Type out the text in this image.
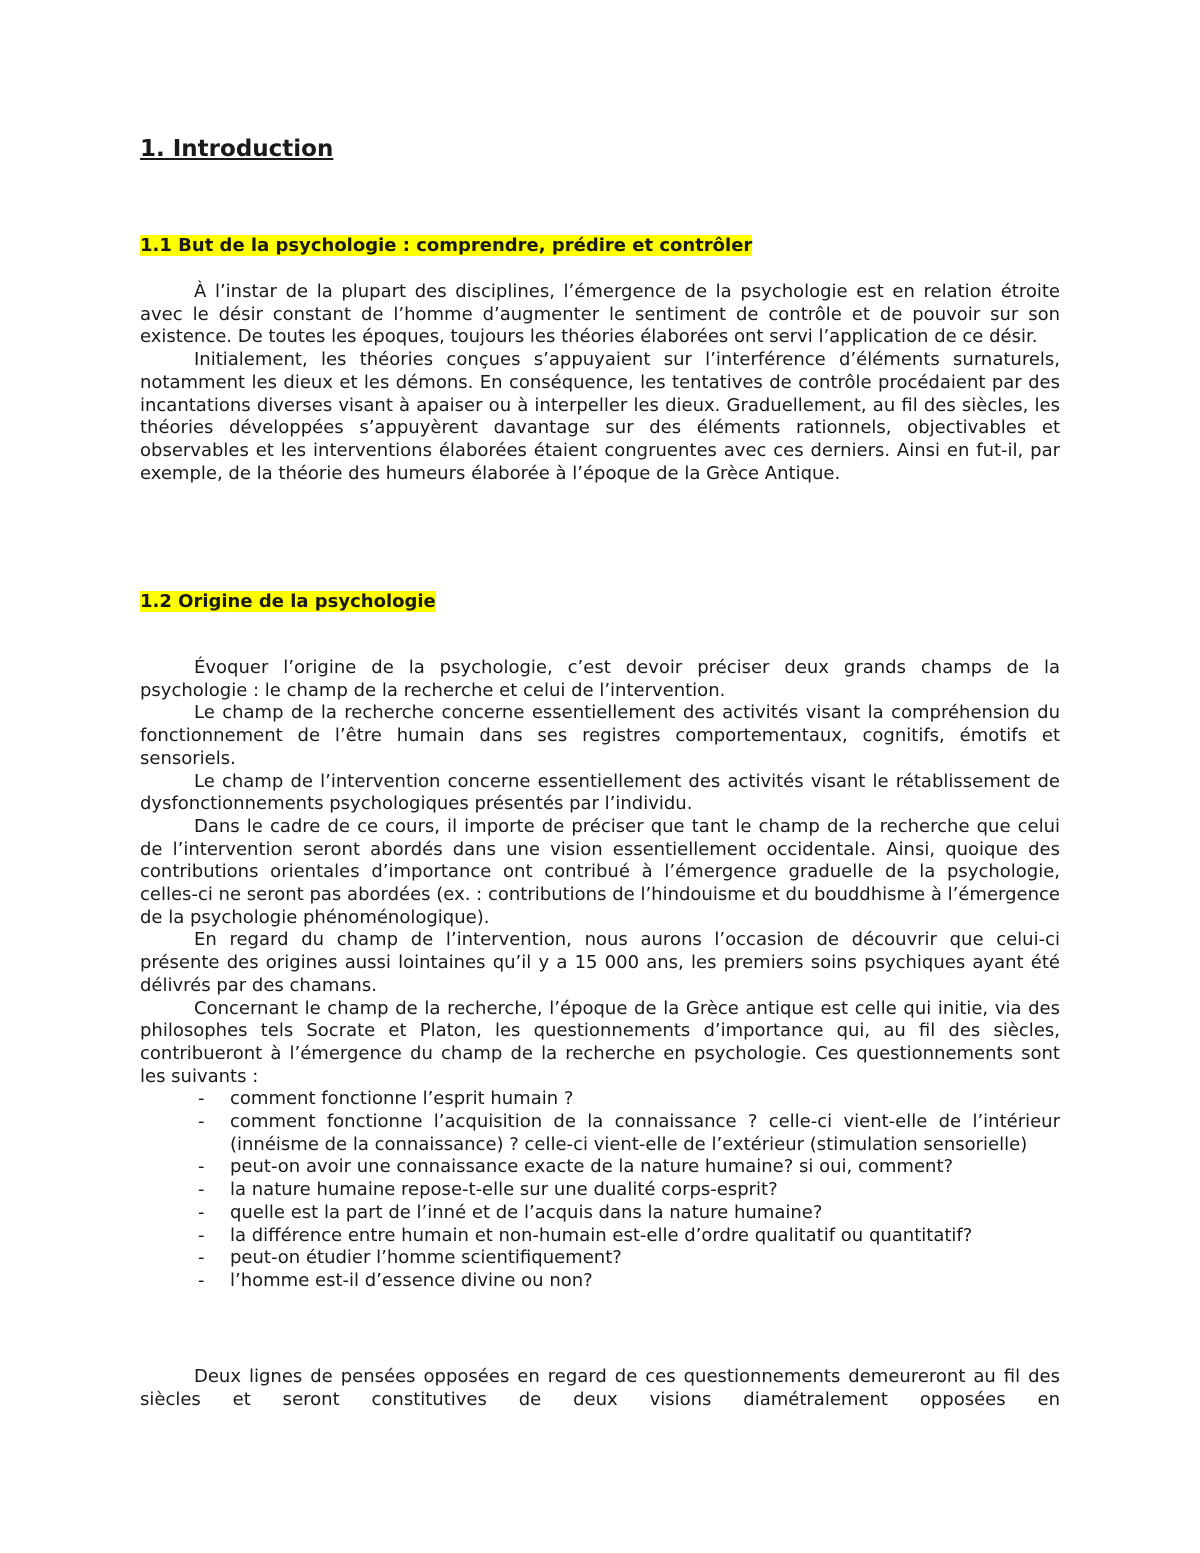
1. Introduction
1.1 But de la psychologie : comprendre, prédire et contrôler

À l’instar de la plupart des disciplines, l’émergence de la psychologie est en relation étroite avec le désir constant de l’homme d’augmenter le sentiment de contrôle et de pouvoir sur son existence. De toutes les époques, toujours les théories élaborées ont servi l’application de ce désir.

Initialement, les théories conçues s’appuyaient sur l’interférence d’éléments surnaturels, notamment les dieux et les démons. En conséquence, les tentatives de contrôle procédaient par des incantations diverses visant à apaiser ou à interpeller les dieux. Graduellement, au fil des siècles, les théories développées s’appuyèrent davantage sur des éléments rationnels, objectivables et observables et les interventions élaborées étaient congruentes avec ces derniers. Ainsi en fut-il, par exemple, de la théorie des humeurs élaborée à l’époque de la Grèce Antique.

1.2 Origine de la psychologie

Évoquer l’origine de la psychologie, c’est devoir préciser deux grands champs de la psychologie : le champ de la recherche et celui de l’intervention.

Le champ de la recherche concerne essentiellement des activités visant la compréhension du fonctionnement de l’être humain dans ses registres comportementaux, cognitifs, émotifs et sensoriels.

Le champ de l’intervention concerne essentiellement des activités visant le rétablissement de dysfonctionnements psychologiques présentés par l’individu.

Dans le cadre de ce cours, il importe de préciser que tant le champ de la recherche que celui de l’intervention seront abordés dans une vision essentiellement occidentale. Ainsi, quoique des contributions orientales d’importance ont contribué à l’émergence graduelle de la psychologie, celles-ci ne seront pas abordées (ex. : contributions de l’hindouisme et du bouddhisme à l’émergence de la psychologie phénoménologique).

En regard du champ de l’intervention, nous aurons l’occasion de découvrir que celui-ci présente des origines aussi lointaines qu’il y a 15 000 ans, les premiers soins psychiques ayant été délivrés par des chamans.

Concernant le champ de la recherche, l’époque de la Grèce antique est celle qui initie, via des philosophes tels Socrate et Platon, les questionnements d’importance qui, au fil des siècles, contribueront à l’émergence du champ de la recherche en psychologie. Ces questionnements sont les suivants :

- comment fonctionne l’esprit humain ?
- comment fonctionne l’acquisition de la connaissance ? celle-ci vient-elle de l’intérieur (innéisme de la connaissance) ? celle-ci vient-elle de l’extérieur (stimulation sensorielle)
- peut-on avoir une connaissance exacte de la nature humaine? si oui, comment?
- la nature humaine repose-t-elle sur une dualité corps-esprit?
- quelle est la part de l’inné et de l’acquis dans la nature humaine?
- la différence entre humain et non-humain est-elle d’ordre qualitatif ou quantitatif?
- peut-on étudier l’homme scientifiquement?
- l’homme est-il d’essence divine ou non?

Deux lignes de pensées opposées en regard de ces questionnements demeureront au fil des siècles et seront constitutives de deux visions diamétralement opposées en
